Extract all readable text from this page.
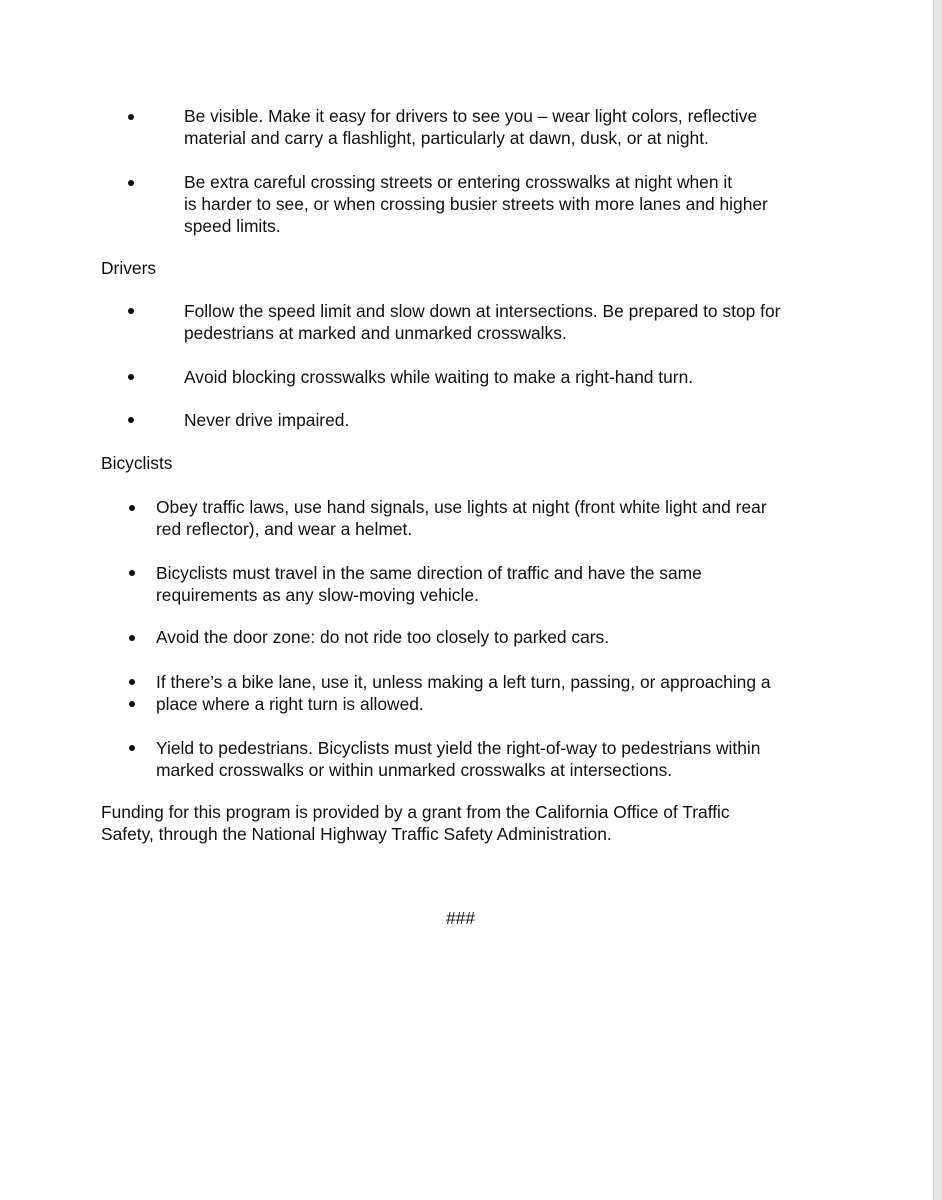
Be visible. Make it easy for drivers to see you – wear light colors, reflective

material and carry a flashlight, particularly at dawn, dusk, or at night.

Be extra careful crossing streets or entering crosswalks at night when it

is harder to see, or when crossing busier streets with more lanes and higher

speed limits.

Drivers

Follow the speed limit and slow down at intersections. Be prepared to stop for

pedestrians at marked and unmarked crosswalks.

Avoid blocking crosswalks while waiting to make a right-hand turn.

Never drive impaired.

Bicyclists

Obey traffic laws, use hand signals, use lights at night (front white light and rear

red reflector), and wear a helmet.

Bicyclists must travel in the same direction of traffic and have the same

requirements as any slow-moving vehicle.

Avoid the door zone: do not ride too closely to parked cars.

If there’s a bike lane, use it, unless making a left turn, passing, or approaching a

place where a right turn is allowed.

Yield to pedestrians. Bicyclists must yield the right-of-way to pedestrians within

marked crosswalks or within unmarked crosswalks at intersections.

Funding for this program is provided by a grant from the California Office of Traffic

Safety, through the National Highway Traffic Safety Administration.

###
